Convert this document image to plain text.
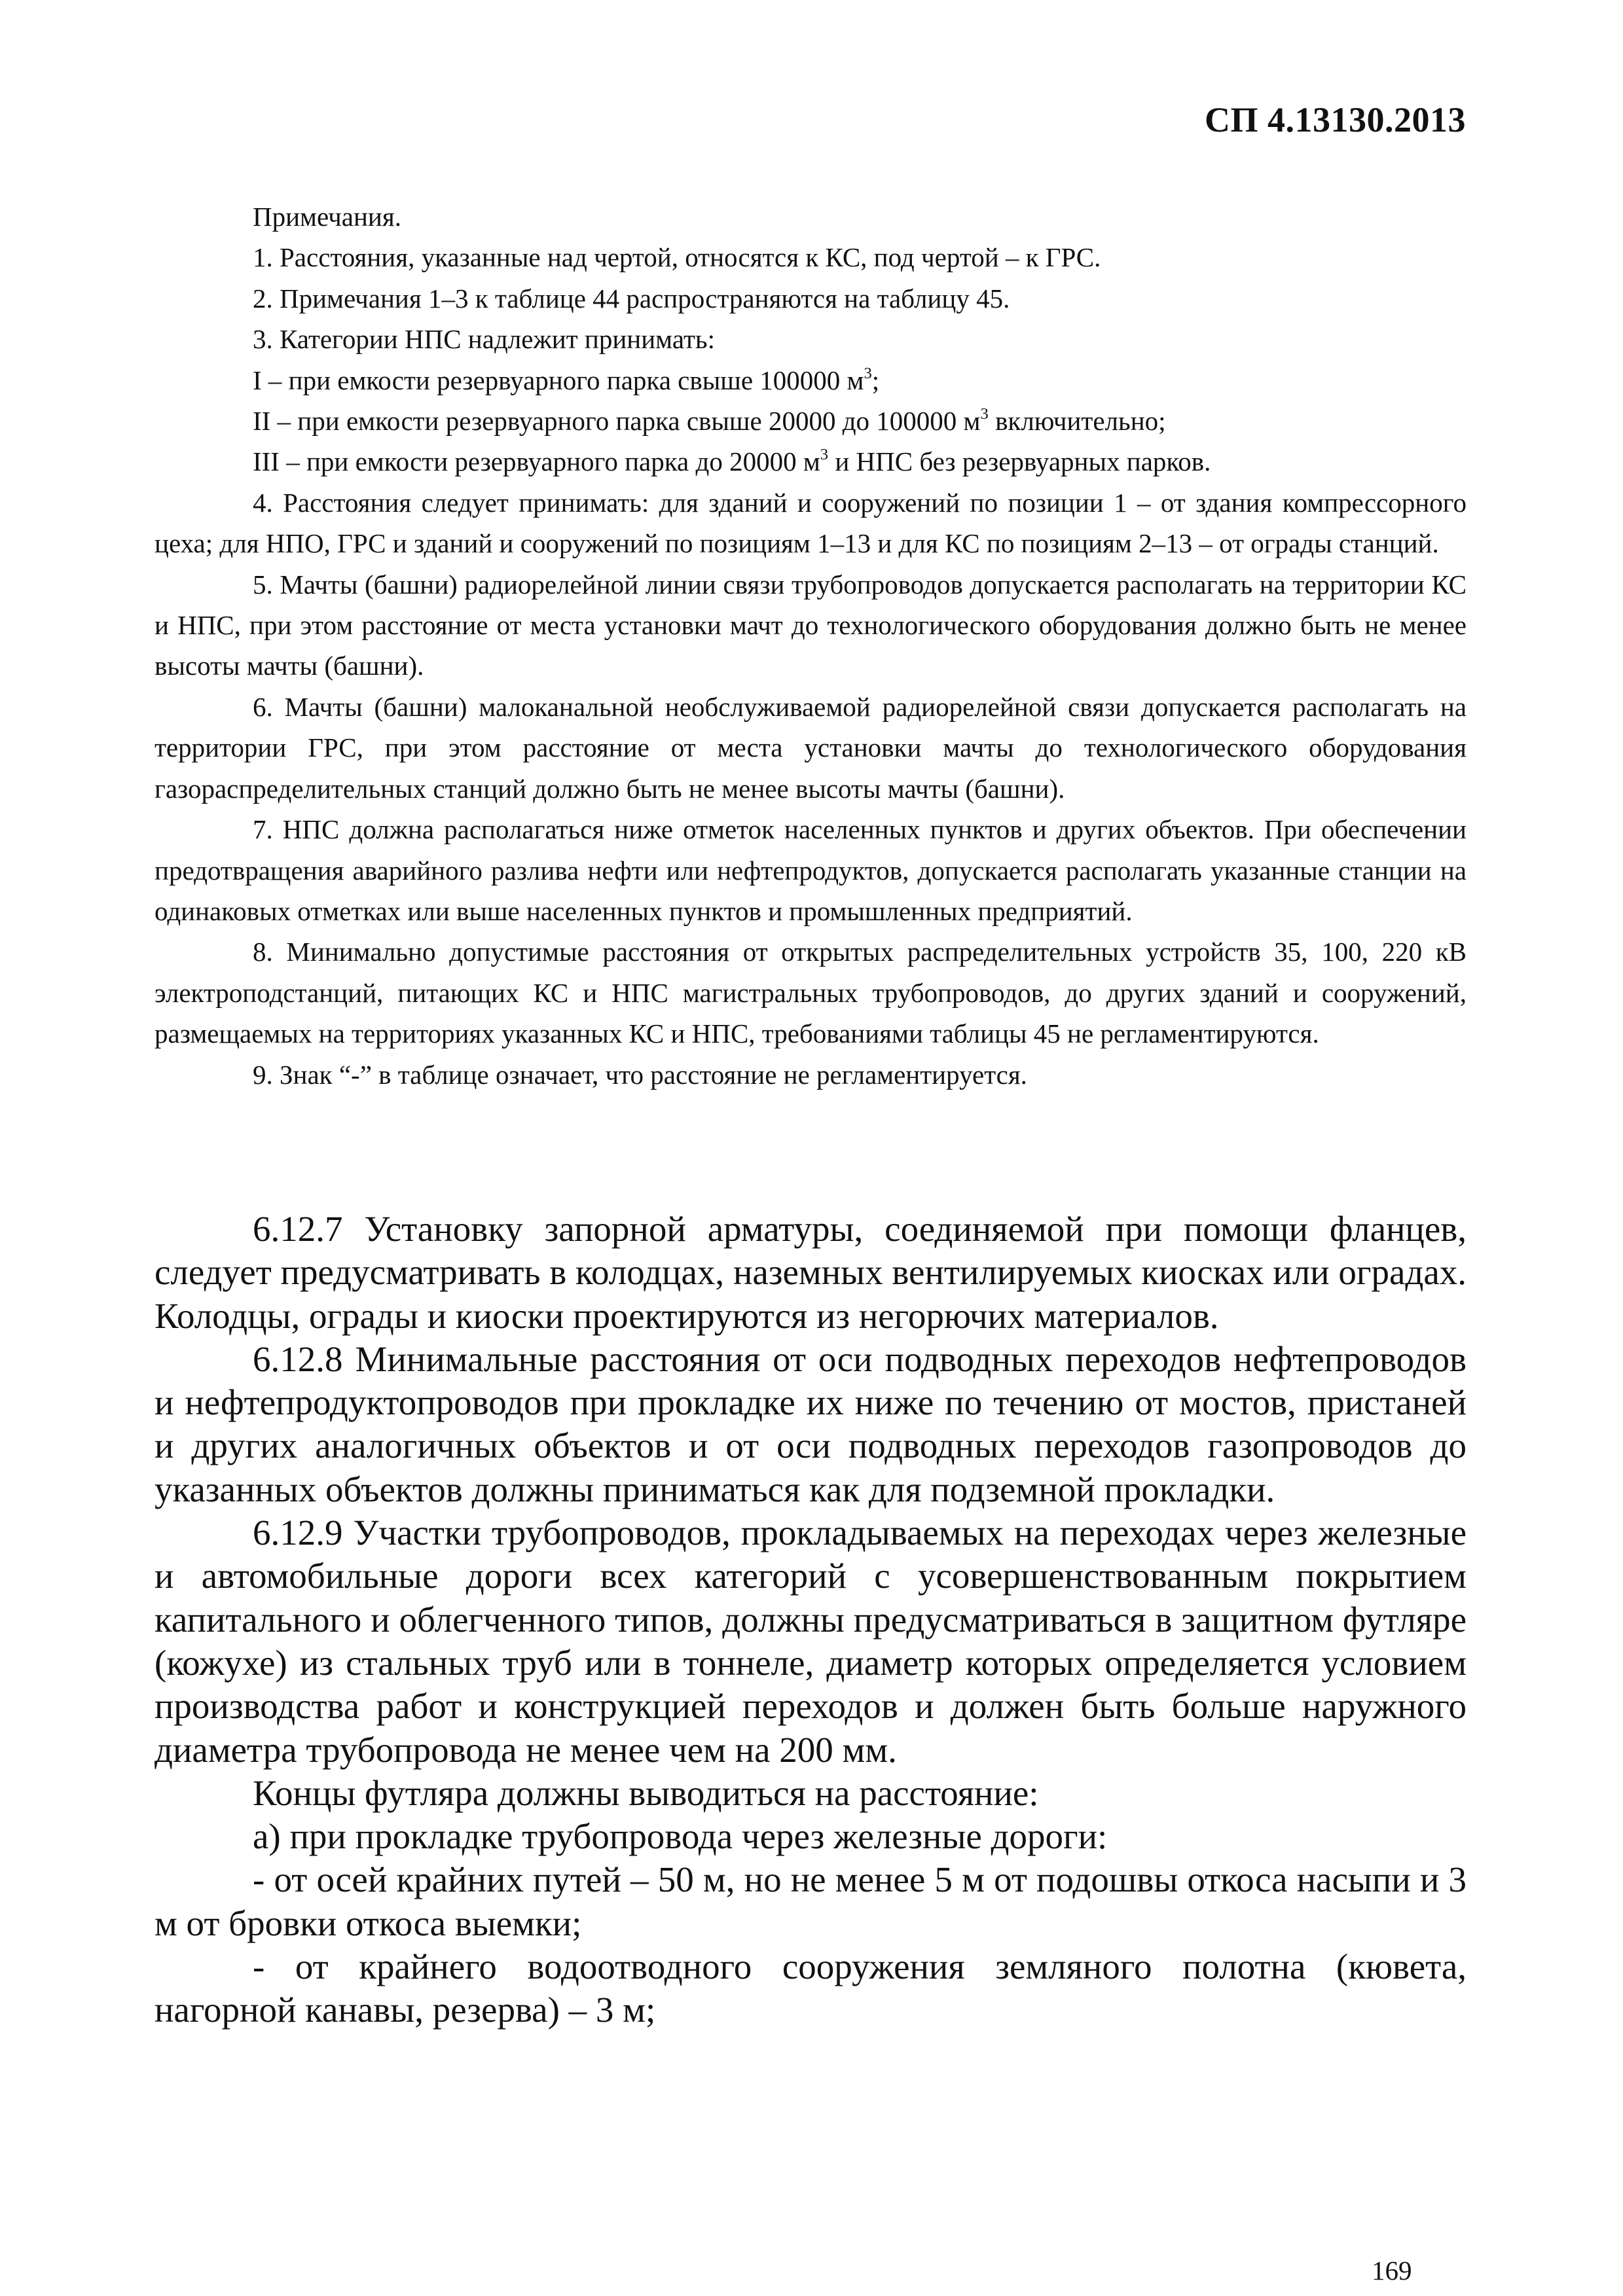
СП 4.13130.2013

Примечания.

1. Расстояния, указанные над чертой, относятся к КС, под чертой – к ГРС.

2. Примечания 1–3 к таблице 44 распространяются на таблицу 45.

3. Категории НПС надлежит принимать:

I – при емкости резервуарного парка свыше 100000 $м^3$;

II – при емкости резервуарного парка свыше 20000 до 100000 $м^3$ включительно;

III – при емкости резервуарного парка до 20000 $м^3$ и НПС без резервуарных парков.

4. Расстояния следует принимать: для зданий и сооружений по позиции 1 – от здания компрессорного цеха; для НПО, ГРС и зданий и сооружений по позициям 1–13 и для КС по позициям 2–13 – от ограды станций.

5. Мачты (башни) радиорелейной линии связи трубопроводов допускается располагать на территории КС и НПС, при этом расстояние от места установки мачт до технологического оборудования должно быть не менее высоты мачты (башни).

6. Мачты (башни) малоканальной необслуживаемой радиорелейной связи допускается располагать на территории ГРС, при этом расстояние от места установки мачты до технологического оборудования газораспределительных станций должно быть не менее высоты мачты (башни).

7. НПС должна располагаться ниже отметок населенных пунктов и других объектов. При обеспечении предотвращения аварийного разлива нефти или нефтепродуктов, допускается располагать указанные станции на одинаковых отметках или выше населенных пунктов и промышленных предприятий.

8. Минимально допустимые расстояния от открытых распределительных устройств 35, 100, 220 кВ электроподстанций, питающих КС и НПС магистральных трубопроводов, до других зданий и сооружений, размещаемых на территориях указанных КС и НПС, требованиями таблицы 45 не регламентируются.

9. Знак “-” в таблице означает, что расстояние не регламентируется.

6.12.7 Установку запорной арматуры, соединяемой при помощи фланцев, следует предусматривать в колодцах, наземных вентилируемых киосках или оградах. Колодцы, ограды и киоски проектируются из негорючих материалов.

6.12.8 Минимальные расстояния от оси подводных переходов нефтепроводов и нефтепродуктопроводов при прокладке их ниже по течению от мостов, пристаней и других аналогичных объектов и от оси подводных переходов газопроводов до указанных объектов должны приниматься как для подземной прокладки.

6.12.9 Участки трубопроводов, прокладываемых на переходах через железные и автомобильные дороги всех категорий с усовершенствованным покрытием капитального и облегченного типов, должны предусматриваться в защитном футляре (кожухе) из стальных труб или в тоннеле, диаметр которых определяется условием производства работ и конструкцией переходов и должен быть больше наружного диаметра трубопровода не менее чем на 200 мм.

Концы футляра должны выводиться на расстояние:

а) при прокладке трубопровода через железные дороги:

- от осей крайних путей – 50 м, но не менее 5 м от подошвы откоса насыпи и 3 м от бровки откоса выемки;

- от крайнего водоотводного сооружения земляного полотна (кювета, нагорной канавы, резерва) – 3 м;

169
